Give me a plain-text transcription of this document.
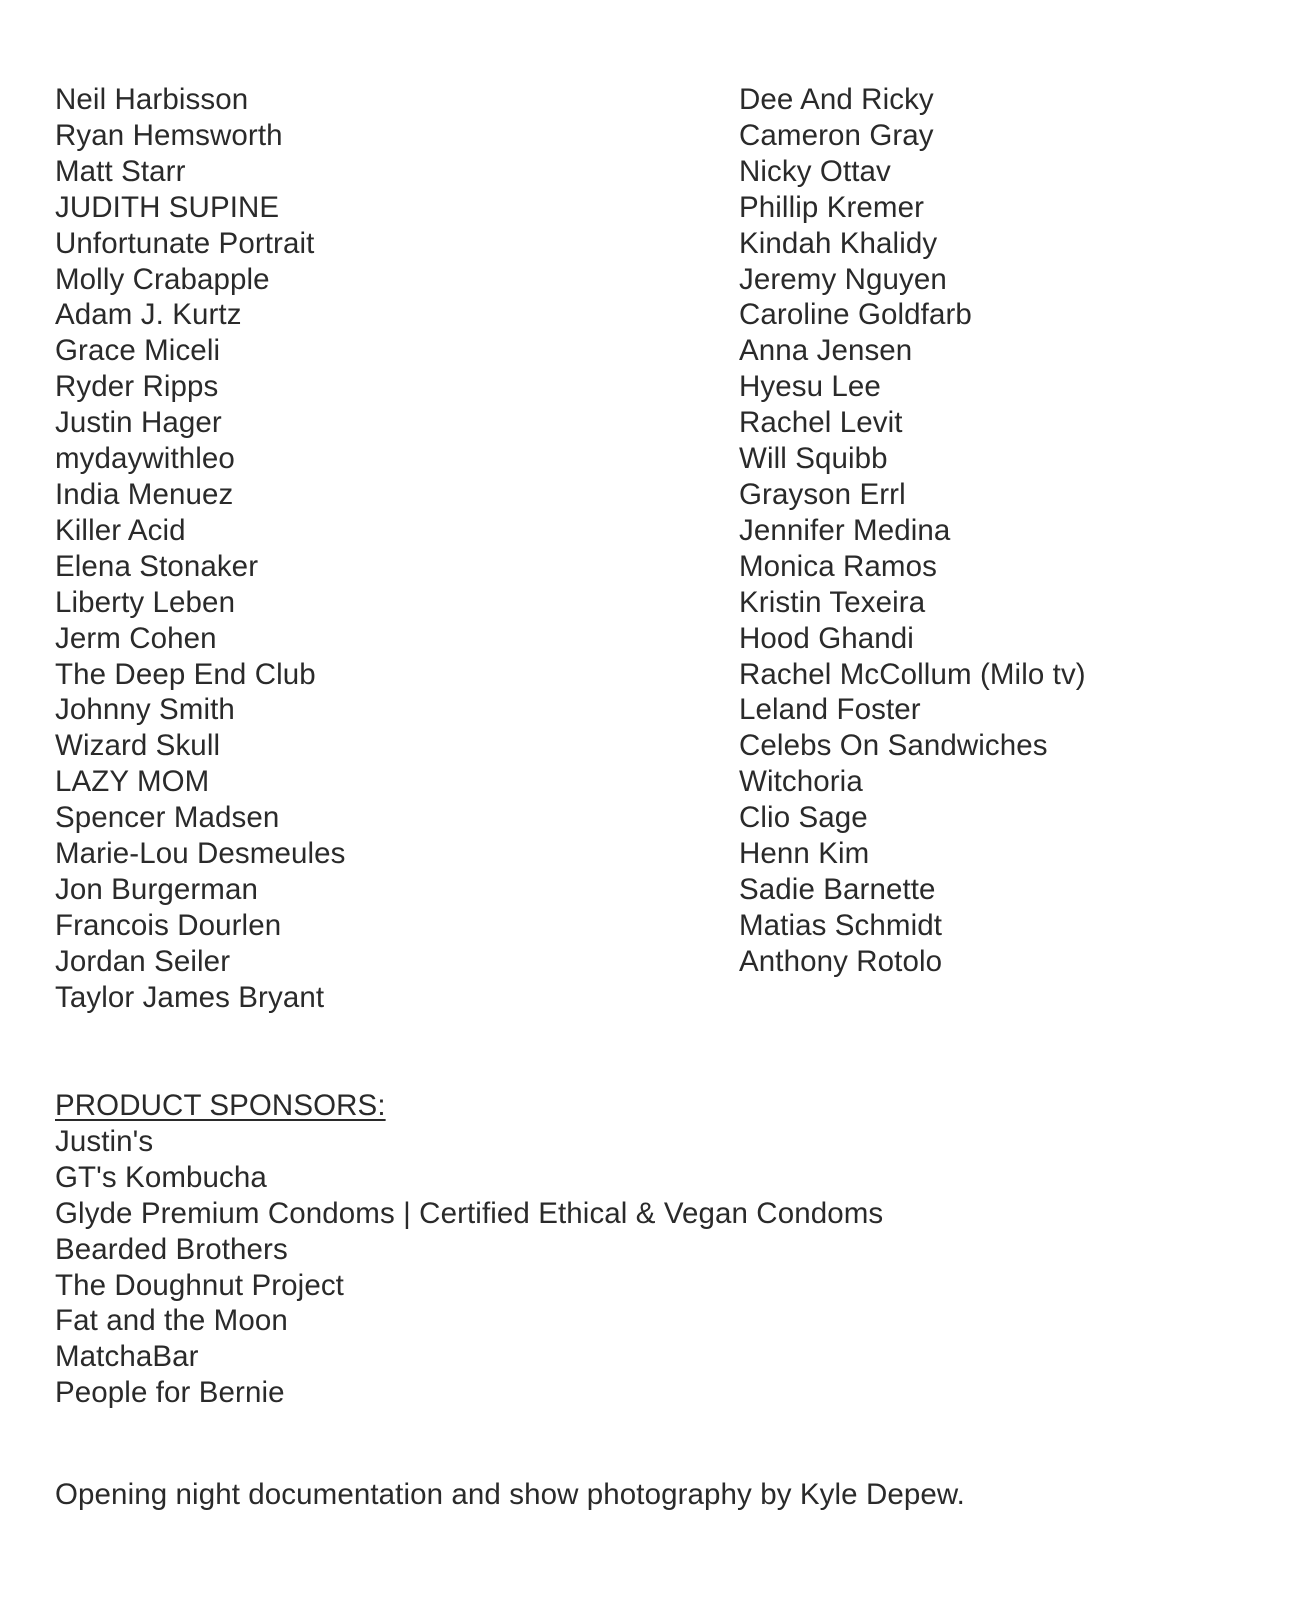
Neil Harbisson
Ryan Hemsworth
Matt Starr
JUDITH SUPINE
Unfortunate Portrait
Molly Crabapple
Adam J. Kurtz
Grace Miceli
Ryder Ripps
Justin Hager
mydaywithleo
India Menuez
Killer Acid
Elena Stonaker
Liberty Leben
Jerm Cohen
The Deep End Club
Johnny Smith
Wizard Skull
LAZY MOM
Spencer Madsen
Marie-Lou Desmeules
Jon Burgerman
Francois Dourlen
Jordan Seiler
Taylor James Bryant
Dee And Ricky
Cameron Gray
Nicky Ottav
Phillip Kremer
Kindah Khalidy
Jeremy Nguyen
Caroline Goldfarb
Anna Jensen
Hyesu Lee
Rachel Levit
Will Squibb
Grayson Errl
Jennifer Medina
Monica Ramos
Kristin Texeira
Hood Ghandi
Rachel McCollum (Milo tv)
Leland Foster
Celebs On Sandwiches
Witchoria
Clio Sage
Henn Kim
Sadie Barnette
Matias Schmidt
Anthony Rotolo
PRODUCT SPONSORS:
Justin's
GT's Kombucha
Glyde Premium Condoms | Certified Ethical & Vegan Condoms
Bearded Brothers
The Doughnut Project
Fat and the Moon
MatchaBar
People for Bernie

Opening night documentation and show photography by Kyle Depew.
